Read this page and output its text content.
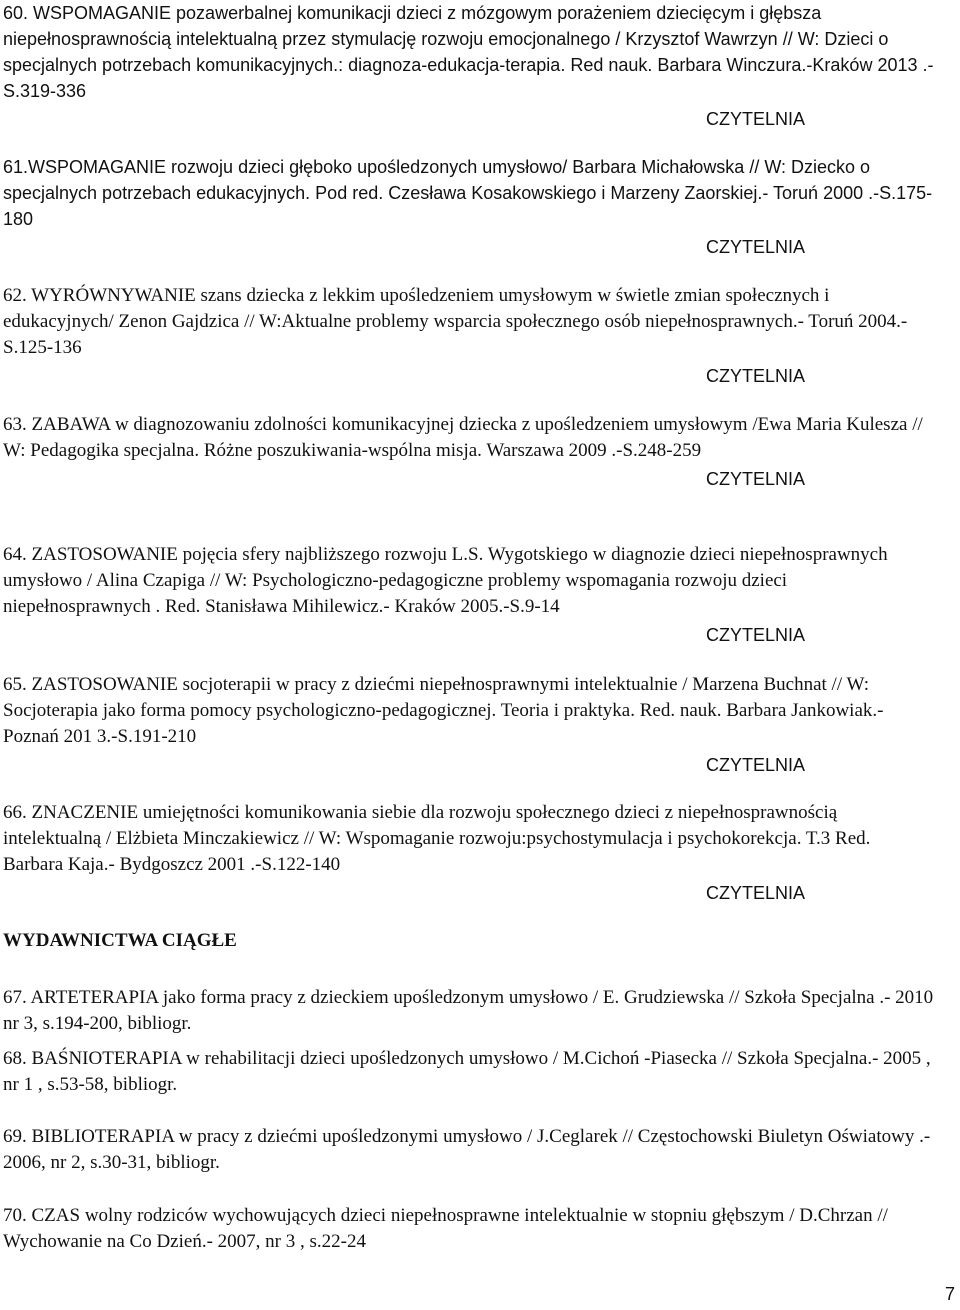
60. WSPOMAGANIE pozawerbalnej komunikacji dzieci z mózgowym porażeniem dziecięcym i głębsza niepełnosprawnością intelektualną przez stymulację rozwoju emocjonalnego / Krzysztof Wawrzyn // W: Dzieci o specjalnych potrzebach komunikacyjnych.: diagnoza-edukacja-terapia. Red nauk. Barbara Winczura.-Kraków 2013 .-S.319-336
CZYTELNIA

61.WSPOMAGANIE rozwoju dzieci głęboko upośledzonych umysłowo/ Barbara Michałowska // W: Dziecko o specjalnych potrzebach edukacyjnych. Pod red. Czesława Kosakowskiego i Marzeny Zaorskiej.- Toruń 2000 .-S.175-180
CZYTELNIA

62. WYRÓWNYWANIE szans dziecka z lekkim upośledzeniem umysłowym w świetle zmian społecznych i edukacyjnych/ Zenon Gajdzica // W:Aktualne problemy wsparcia społecznego osób niepełnosprawnych.- Toruń 2004.-S.125-136
CZYTELNIA

63. ZABAWA w diagnozowaniu zdolności komunikacyjnej dziecka z upośledzeniem umysłowym /Ewa Maria Kulesza // W: Pedagogika specjalna. Różne poszukiwania-wspólna misja. Warszawa 2009 .-S.248-259
CZYTELNIA

64. ZASTOSOWANIE pojęcia sfery najbliższego rozwoju L.S. Wygotskiego w diagnozie dzieci niepełnosprawnych umysłowo / Alina Czapiga // W: Psychologiczno-pedagogiczne problemy wspomagania rozwoju dzieci niepełnosprawnych . Red. Stanisława Mihilewicz.- Kraków 2005.-S.9-14
CZYTELNIA

65. ZASTOSOWANIE socjoterapii w pracy z dziećmi niepełnosprawnymi intelektualnie / Marzena Buchnat // W: Socjoterapia jako forma pomocy psychologiczno-pedagogicznej. Teoria i praktyka. Red. nauk. Barbara Jankowiak.- Poznań 201 3.-S.191-210
CZYTELNIA

66. ZNACZENIE umiejętności komunikowania siebie dla rozwoju społecznego dzieci z niepełnosprawnością intelektualną / Elżbieta Minczakiewicz // W: Wspomaganie rozwoju:psychostymulacja i psychokorekcja. T.3 Red. Barbara Kaja.- Bydgoszcz 2001 .-S.122-140
CZYTELNIA

WYDAWNICTWA CIĄGŁE

67. ARTETERAPIA jako forma pracy z dzieckiem upośledzonym umysłowo / E. Grudziewska // Szkoła Specjalna .- 2010 nr 3, s.194-200, bibliogr.

68. BAŚNIOTERAPIA w rehabilitacji dzieci upośledzonych umysłowo / M.Cichoń -Piasecka // Szkoła Specjalna.- 2005 , nr 1 , s.53-58, bibliogr.

69. BIBLIOTERAPIA w pracy z dziećmi upośledzonymi umysłowo / J.Ceglarek // Częstochowski Biuletyn Oświatowy .- 2006, nr 2, s.30-31, bibliogr.

70. CZAS wolny rodziców wychowujących dzieci niepełnosprawne intelektualnie w stopniu głębszym / D.Chrzan // Wychowanie na Co Dzień.- 2007, nr 3 , s.22-24

7
